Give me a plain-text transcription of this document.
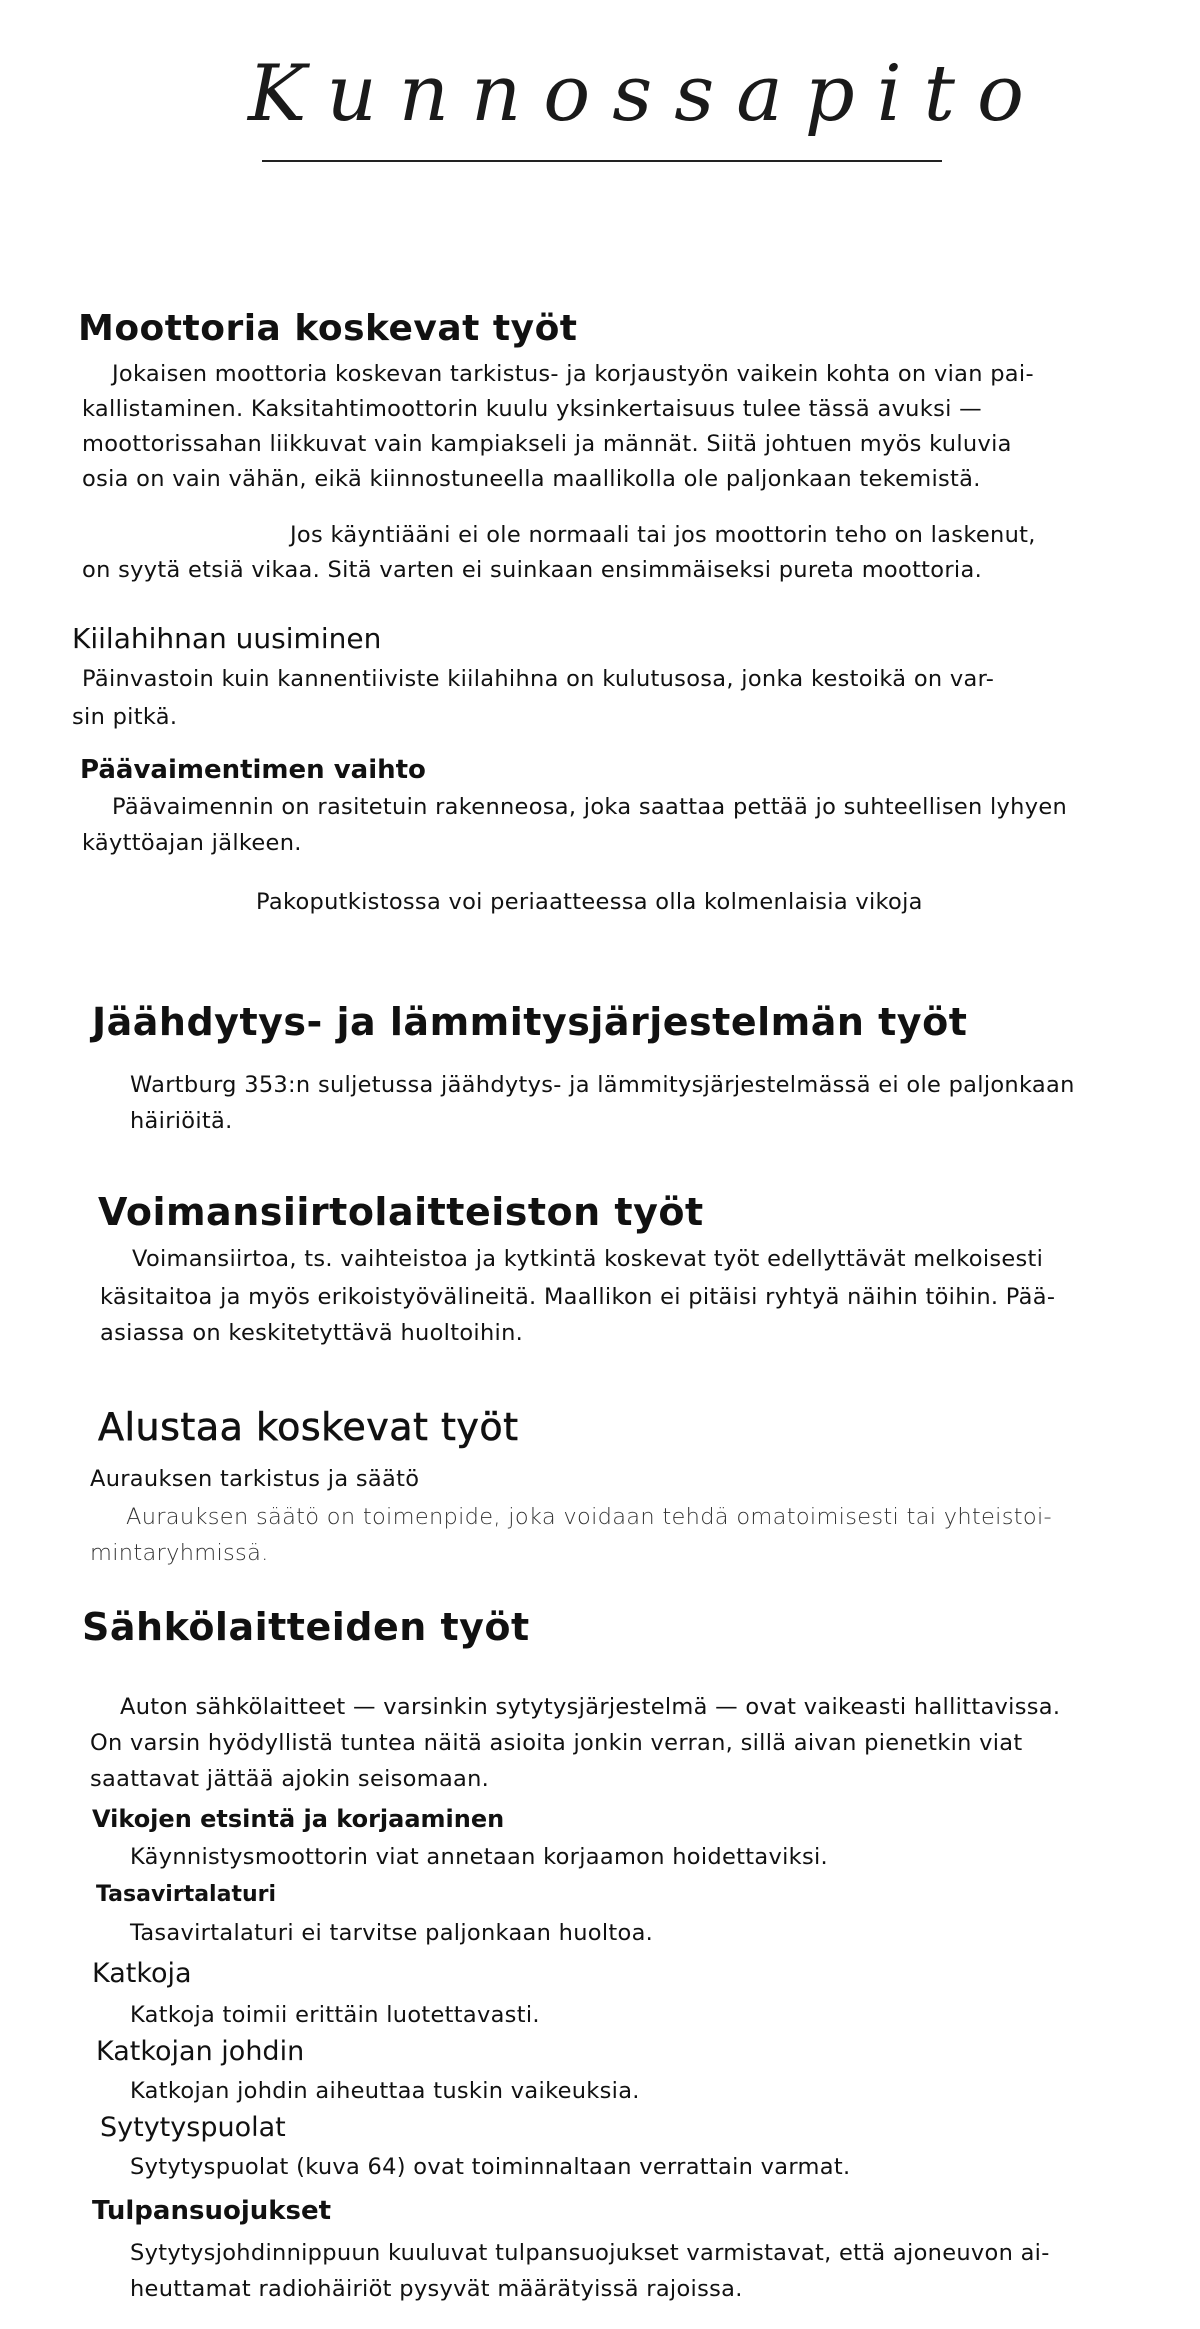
Kunnossapito
Moottoria koskevat työt

Jokaisen moottoria koskevan tarkistus- ja korjaustyön vaikein kohta on vian pai-

kallistaminen. Kaksitahtimoottorin kuulu yksinkertaisuus tulee tässä avuksi —

moottorissahan liikkuvat vain kampiakseli ja männät. Siitä johtuen myös kuluvia

osia on vain vähän, eikä kiinnostuneella maallikolla ole paljonkaan tekemistä.

Jos käyntiääni ei ole normaali tai jos moottorin teho on laskenut,

on syytä etsiä vikaa. Sitä varten ei suinkaan ensimmäiseksi pureta moottoria.

Kiilahihnan uusiminen

Päinvastoin kuin kannentiiviste kiilahihna on kulutusosa, jonka kestoikä on var-

sin pitkä.

Päävaimentimen vaihto

Päävaimennin on rasitetuin rakenneosa, joka saattaa pettää jo suhteellisen lyhyen

käyttöajan jälkeen.

Pakoputkistossa voi periaatteessa olla kolmenlaisia vikoja

Jäähdytys- ja lämmitysjärjestelmän työt

Wartburg 353:n suljetussa jäähdytys- ja lämmitysjärjestelmässä ei ole paljonkaan

häiriöitä.

Voimansiirtolaitteiston työt

Voimansiirtoa, ts. vaihteistoa ja kytkintä koskevat työt edellyttävät melkoisesti

käsitaitoa ja myös erikoistyövälineitä. Maallikon ei pitäisi ryhtyä näihin töihin. Pää-

asiassa on keskitetyttävä huoltoihin.

Alustaa koskevat työt

Aurauksen tarkistus ja säätö

Aurauksen säätö on toimenpide, joka voidaan tehdä omatoimisesti tai yhteistoi-

mintaryhmissä.

Sähkölaitteiden työt

Auton sähkölaitteet — varsinkin sytytysjärjestelmä — ovat vaikeasti hallittavissa.

On varsin hyödyllistä tuntea näitä asioita jonkin verran, sillä aivan pienetkin viat

saattavat jättää ajokin seisomaan.

Vikojen etsintä ja korjaaminen

Käynnistysmoottorin viat annetaan korjaamon hoidettaviksi.

Tasavirtalaturi

Tasavirtalaturi ei tarvitse paljonkaan huoltoa.

Katkoja

Katkoja toimii erittäin luotettavasti.

Katkojan johdin

Katkojan johdin aiheuttaa tuskin vaikeuksia.

Sytytyspuolat

Sytytyspuolat (kuva 64) ovat toiminnaltaan verrattain varmat.

Tulpansuojukset

Sytytysjohdinnippuun kuuluvat tulpansuojukset varmistavat, että ajoneuvon ai-

heuttamat radiohäiriöt pysyvät määrätyissä rajoissa.
